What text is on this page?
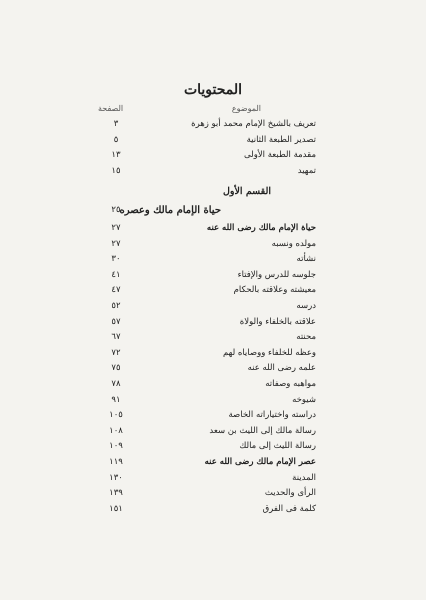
المحتويات
الموضوع
الصفحة
تعريف بالشيخ الإمام محمد أبو زهرة
٣
تصدير الطبعة الثانية
٥
مقدمة الطبعة الأولى
١٣
تمهيد
١٥
القسم الأول
حياة الإمام مالك وعصره
٢٥
حياة الإمام مالك رضى الله عنه
٢٧
مولده ونسبه
٢٧
نشأته
٣٠
جلوسه للدرس والإفتاء
٤١
معيشته وعلاقته بالحكام
٤٧
درسه
٥٢
علاقته بالخلفاء والولاة
٥٧
محنته
٦٧
وعظه للخلفاء ووصاياه لهم
٧٢
علمه رضى الله عنه
٧٥
مواهبه وصفاته
٧٨
شيوخه
٩١
دراسته واختياراته الخاصة
١٠٥
رسالة مالك إلى الليث بن سعد
١٠٨
رسالة الليث إلى مالك
١٠٩
عصر الإمام مالك رضى الله عنه
١١٩
المدينة
١٣٠
الرأى والحديث
١٣٩
كلمة فى الفرق
١٥١
